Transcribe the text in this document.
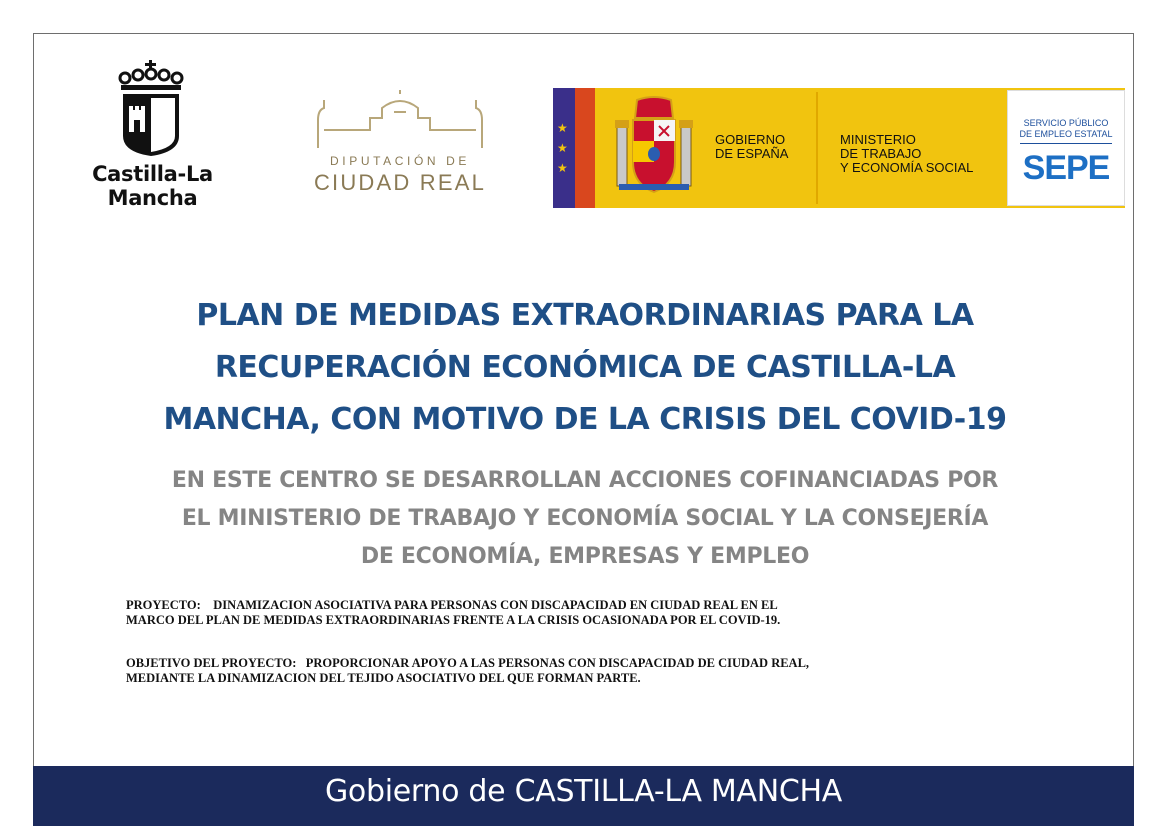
Castilla-La Mancha
DIPUTACIÓN DE
CIUDAD REAL
★
★
★
GOBIERNO
DE ESPAÑA
MINISTERIO
DE TRABAJO
Y ECONOMÍA SOCIAL
SERVICIO PÚBLICO
DE EMPLEO ESTATAL
SEPE
PLAN DE MEDIDAS EXTRAORDINARIAS PARA LA
RECUPERACIÓN ECONÓMICA DE CASTILLA-LA
MANCHA, CON MOTIVO DE LA CRISIS DEL COVID-19
EN ESTE CENTRO SE DESARROLLAN ACCIONES COFINANCIADAS POR
EL MINISTERIO DE TRABAJO Y ECONOMÍA SOCIAL Y LA CONSEJERÍA
DE ECONOMÍA, EMPRESAS Y EMPLEO
PROYECTO:    DINAMIZACION ASOCIATIVA PARA PERSONAS CON DISCAPACIDAD EN CIUDAD REAL EN EL
MARCO DEL PLAN DE MEDIDAS EXTRAORDINARIAS FRENTE A LA CRISIS OCASIONADA POR EL COVID-19.
OBJETIVO DEL PROYECTO:   PROPORCIONAR APOYO A LAS PERSONAS CON DISCAPACIDAD DE CIUDAD REAL,
MEDIANTE LA DINAMIZACION DEL TEJIDO ASOCIATIVO DEL QUE FORMAN PARTE.
Gobierno de CASTILLA-LA MANCHA
